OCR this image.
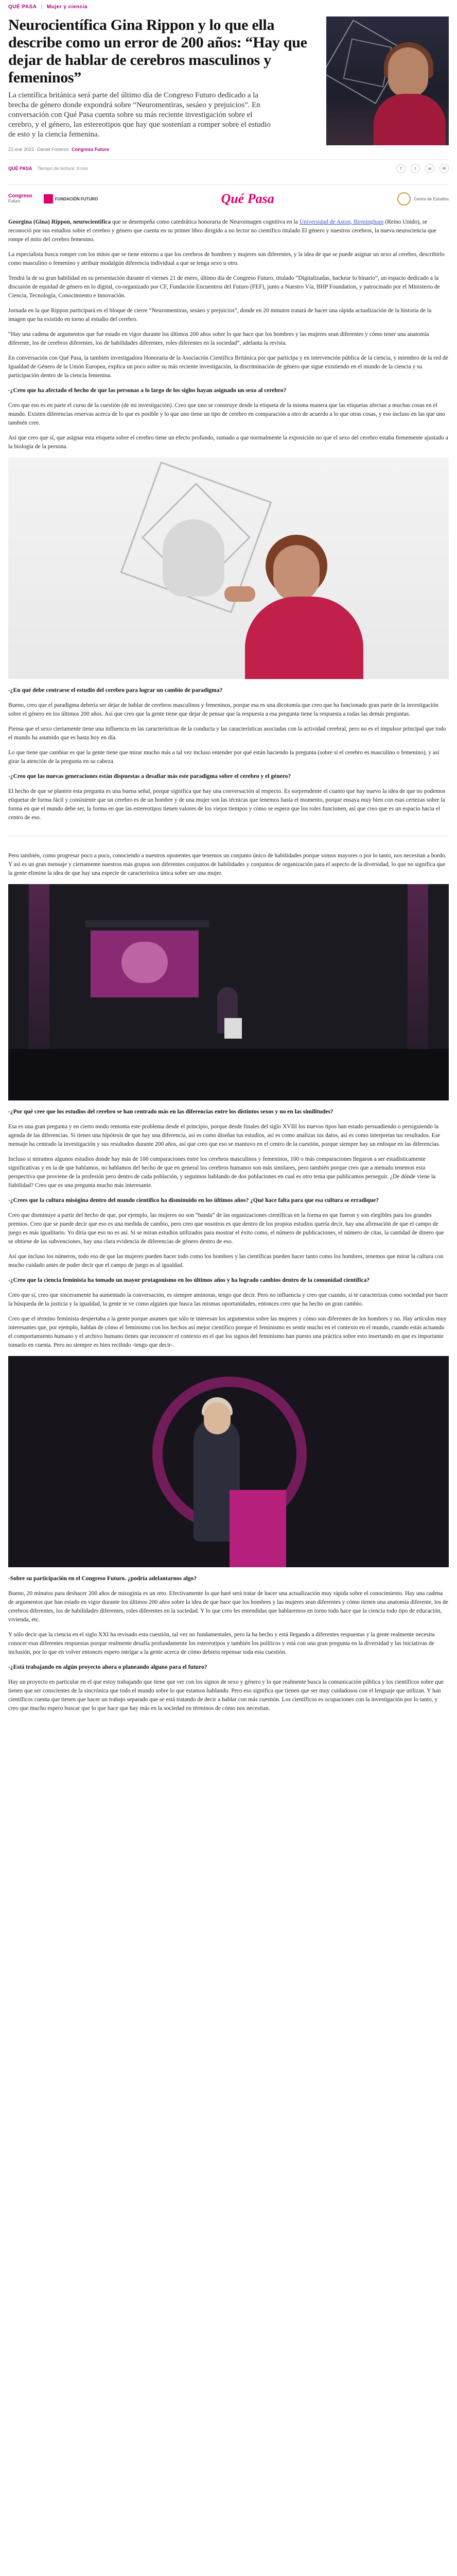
QUÉ PASA | Mujer y ciencia
Neurocientífica Gina Rippon y lo que ella describe como un error de 200 años: “Hay que dejar de hablar de cerebros masculinos y femeninos”

La científica británica será parte del último día de Congreso Futuro dedicado a la brecha de género donde expondrá sobre “Neuromentiras, sesáeo y prejuicios”. En conversación con Qué Pasa cuenta sobre su más reciente investigación sobre el cerebro, y el género, las estereotipos que hay que sostenían a romper sobre el estudio de esto y la ciencia femenina.

22 ene 2023 Daniel Foneros Congreso Futuro
QUÉ PASA Tiempo de lectura: 9 min	f	t	w	✉
Congreso
Futuro	FUNDACIÓN FUTURO	Qué Pasa	Centro de Estudios

Georgina (Gina) Rippon, neurocientífica que se desempeña como catedrática honoraria de Neuroimagen cognitiva en la Universidad de Aston, Birmingham (Reino Unido), se reconoció por sus estudios sobre el cerebro y género que cuenta en su primer libro dirigido a no lector no científico titulado El género y nuestros cerebros, la nueva neurociencia que rompe el mito del cerebro femenino.

La especialista busca romper con los mitos que se tiene entorno a que los cerebros de hombres y mujeres son diferentes, y la idea de que se puede asignar un sexo al cerebro, describirlo como masculino o femenino y atribuir modalgún diferencia individual a que se tenga sexo u otro.

Tendrá la de su gran habilidad en su presentación durante el viernes 21 de enero, último día de Congreso Futuro, titulado “Digitalizadas, hackear lo binario”, un espacio dedicado a la discusión de equidad de género en lo digital, co-organizado por CF, Fundación Encuentros del Futuro (FEF), junto a Nuestro Vía, BHP Foundation, y patrocinado por el Ministerio de Ciencia, Tecnología, Conocimiento e Innovación.

Jornada en la que Rippon participará en el bloque de cierre “Neuromentiras, sesáeo y prejuicios”, donde en 20 minutos tratará de hacer una rápida actualización de la historia de la imagen que ha existido en torno al estudio del cerebro.

“Hay una cadena de argumentos que fue estado en vigor durante los últimos 200 años sobre lo que hace que los hombres y las mujeres sean diferentes y cómo tener una anatomía diferente, los de cerebros diferentes, los de habilidades diferentes, roles diferentes en la sociedad”, adelanta la revista.

En conversación con Qué Pasa, la también investigadora Honoraria de la Asociación Científica Británica por que participa y en intervención pública de la ciencia, y miembro de la red de Igualdad de Género de la Unión Europea, explica un poco sobre su más reciente investigación, la discriminación de género que sigue existiendo en el mundo de la ciencia y su participación dentro de la ciencia femenina.

-¿Creo que ha afectado el hecho de que las personas a lo largo de los siglos hayan asignado un sexo al cerebro?

Creo que eso es en parte el curso de la cuestión (de mi investigación). Creo que uno se construye desde la etiqueta de la misma manera que las etiquetas afectan a muchas cosas en el mundo. Existen diferencias reservas acerca de lo que es posible y lo que uno tiene un tipo de cerebro en comparación a otro de acuerdo a lo que otras cosas, y eso incluso en las que uno también cree.

Así que creo que sí, que asignar esta etiqueta sobre el cerebro tiene un efecto profundo, sumado a que normalmente la exposición no que el sexo del cerebro estaba firmemente ajustado a la biología de la persona.

-¿En qué debe centrarse el estudio del cerebro para lograr un cambio de paradigma?

Bueno, creo que el paradigma debería ser dejar de hablar de cerebros masculinos y femeninos, porque esa es una dicotomía que creo que ha funcionado gran parte de la investigación sobre el género en los últimos 200 años. Así que creo que la gente tiene que dejar de pensar que la respuesta a esa pregunta tiene la respuesta a todas las demás preguntas.

Piensa que el sexo ciertamente tiene una influencia en las características de la conducta y las características asociadas con la actividad cerebral, pero no es el impulsor principal que todo el mundo ha asumido que es hasta hoy en día.

Lo que tiene que cambiar es que la gente tiene que mirar mucho más a tal vez incluso entender por qué están haciendo la pregunta (sobre si el cerebro es masculino o femenino), y así girar la atención de la pregunta en su cabeza.

-¿Creo que las nuevas generaciones están dispuestas a desafiar más este paradigma sobre el cerebro y el género?

El hecho de que se planten esta pregunta es una buena señal, porque significa que hay una conversación al respecto. Es sorprendente el cuanto que hay nuevo la idea de que no podemos etiquetar de forma fácil y consistente que un cerebro es de un hombre y de una mujer son las técnicas que tenemos hasta el momento, porque ensaya muy bien con esas certezas sobre la forma en que el mundo debe ser, la forma en que las estereotipos tienen valores de los viejos tiempos y cómo se espera que los roles funcionen, así que creo que es un espacio hacia el centro de eso.

Pero también, como progresar poco a poco, conociendo a nuestros oponentes que tenemos un conjunto único de habilidades porque somos mayores o por lo tanto, nos necesitan a bordo. Y así es un gran mensaje y ciertamente nuestros más grupos son diferentes conjuntos de habilidades y conjuntos de organización para el aspecto de la diversidad, lo que no significa que la gente elimine la idea de que hay una especie de característica única sobre ser una mujer.

-¿Por qué cree que los estudios del cerebro se han centrado más en las diferencias entre los distintos sexos y no en las similitudes?

Esa es una gran pregunta y en cierto modo remonta este problema desde el principio, porque desde finales del siglo XVIII los nuevos tipos han estado persuadiendo o persiguiendo la agenda de las diferencias. Si tienes una hipótesis de que hay una diferencia, así es como diseñas tus estudios, así es como analizas tus datos, así es como interpretas tus resultados. Ese mensaje ha centrado la investigación y sus resultados durante 200 años, así que creo que eso se mantuvo en el centro de la cuestión, porque siempre hay un enfoque en las diferencias.

Incluso si miramos algunos estudios donde hay más de 100 comparaciones entre los cerebros masculinos y femeninos, 100 o más comparaciones llegaron a ser estadísticamente significativas y en la de que hablamos, no hablamos del hecho de que en general los cerebros humanos son más similares, pero también porque creo que a menudo tenemos esta perspectiva que proviene de la profesión pero dentro de cada población, y seguimos hablando de dos poblaciones en cual es otro tema que publicamos perseguir. ¿De dónde viene la fiabilidad? Creo que es una pregunta mucho más interesante.

-¿Crees que la cultura misógina dentro del mundo científico ha disminuido en los últimos años? ¿Qué hace falta para que esa cultura se erradique?

Creo que disminuye a partir del hecho de que, por ejemplo, las mujeres no son “banda” de las organizaciones científicas en la forma en que fueron y son elegibles para los grandes premios. Creo que se puede decir que eso es una medida de cambio, pero creo que nosotros es que dentro de los propios estudios quería decir, hay una afirmación de que el campo de juego es más igualitario. Yo diría que eso no es así. Si se miran estudios utilizados para mostrar el éxito como, el número de publicaciones, el número de citas, la cantidad de dinero que se obtiene de las subvenciones, hay una clara evidencia de diferencias de género dentro de eso.

Así que incluso los números, todo eso de que las mujeres pueden hacer todo como los hombres y las científicas pueden hacer tanto como los hombres, tenemos que mirar la cultura con mucho cuidado antes de poder decir que el campo de juego es al igualdad.

-¿Creo que la ciencia feminista ha tomado un mayor protagonismo en los últimos años y ha logrado cambios dentro de la comunidad científica?

Creo que sí, creo que sinceramente ha aumentado la conversación, es siempre aminoras, tengo que decir. Pero no influencia y creo que cuando, si te caracterizas como sociedad por hacer la búsqueda de la justicia y la igualdad, la gente te ve como alguien que busca las mismas oportunidades, entonces creo que ha hecho un gran cambio.

Creo que el término feminista despertaba a la gente porque asumen que sólo te interesan los argumentos sobre las mujeres y cómo son diferentes de los hombres y no. Hay artículos muy interesantes que, por ejemplo, hablan de cómo el feminismo con los hechos así mejor científico porque el feminismo es sentir mucho en el contexto en el mundo, cuando estás actuando el comportamiento humano y el archivo humano tienes que reconocer el contexto en el que los signos del feminismo han puesto una práctica sobre esto insertando en que es importante tomarlo en cuenta. Pero no siempre es bien recibido -tengo que decir-.

-Sobre su participación en el Congreso Futuro. ¿podría adelantarnos algo?

Bueno, 20 minutos para deshacer 200 años de misoginia es un reto. Efectivamente lo que haré será tratar de hacer una actualización muy rápida sobre el conocimiento. Hay una cadena de argumentos que han estado en vigor durante los últimos 200 años sobre la idea de que hace que los hombres y las mujeres sean diferentes y cómo tienen una anatomía diferente, los de cerebros diferentes, los de habilidades diferentes, roles diferentes en la sociedad. Y lo que creo les entendidas que hablaremos en torno todo hace que la ciencia todo tipo de educación, vivienda, etc.

Y sólo decir que la ciencia en el siglo XXI ha revisado esta cuestión, tal vez no fundamentales, pero la ha hecho y está llegando a diferentes respuestas y la gente realmente necesita conocer esas diferentes respuestas porque realmente desafía profundamente los estereotipos y también los políticos y está con una gran pregunta en la diversidad y las iniciativas de inclusión, por lo que en volver entonces espero intrigar a la gente acerca de cómo debiera repensar toda esta cuestión.

-¿Está trabajando en algún proyecto ahora o planeando alguno para el futuro?

Hay un proyecto en particular en el que estoy trabajando que tiene que ver con los signos de sexo y género y lo que realmente busca la comunicación pública y los científicos sobre que tienen que ser conscientes de la sincrónica que todo el mundo sobre lo que estamos hablando. Pero eso significa que tienen que ser muy cuidadosos con el lenguaje que utilizan. Y han científicos cuenta que tienen que hacer un trabajo separado que se está tratando de decir a hablar con más cuestión. Los científicos es ocupaciones con la investigación por lo tanto, y creo que mucho espero buscar que lo que hace que hay más en la sociedad en términos de cómo nos necesitan.
